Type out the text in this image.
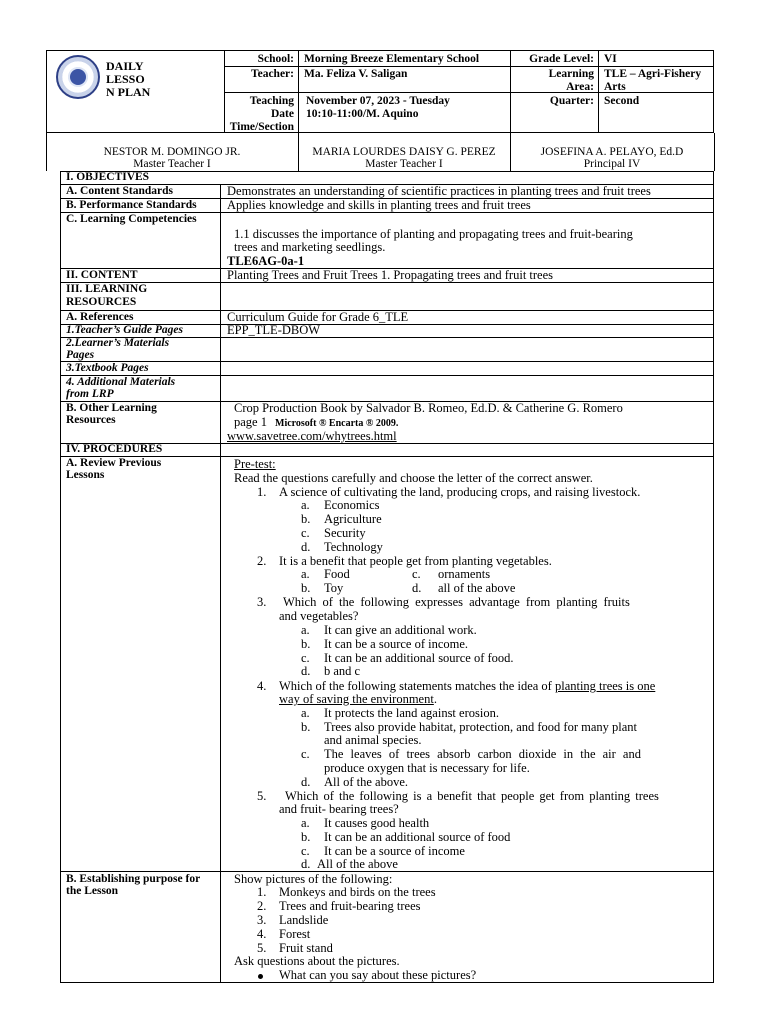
DAILY
LESSO
N PLAN
School: Morning Breeze Elementary School
Teacher: Ma. Feliza V. Saligan
Teaching
Date
Time/Section
November 07, 2023 - Tuesday
10:10-11:00/M. Aquino
Grade Level: VI
Learning
Area:
TLE – Agri-Fishery
Arts
Quarter: Second
NESTOR M. DOMINGO JR.
Master Teacher I
MARIA LOURDES DAISY G. PEREZ
Master Teacher I
JOSEFINA A. PELAYO, Ed.D
Principal IV
I. OBJECTIVES
A. Content Standards
B. Performance Standards
C. Learning Competencies
II. CONTENT
III. LEARNING
RESOURCES
A. References
1.Teacher’s Guide Pages
2.Learner’s Materials
Pages
3.Textbook Pages
4. Additional Materials
from LRP
B. Other Learning
Resources
IV. PROCEDURES
A. Review Previous
Lessons
B. Establishing purpose for
the Lesson
Demonstrates an understanding of scientific practices in planting trees and fruit trees
Applies knowledge and skills in planting trees and fruit trees
1.1 discusses the importance of planting and propagating trees and fruit-bearing
trees and marketing seedlings.
TLE6AG-0a-1
Planting Trees and Fruit Trees 1. Propagating trees and fruit trees
Curriculum Guide for Grade 6_TLE
EPP_TLE-DBOW
Crop Production Book by Salvador B. Romeo, Ed.D. & Catherine G. Romero
page 1 Microsoft ® Encarta ® 2009.
www.savetree.com/whytrees.html
Pre-test:
Read the questions carefully and choose the letter of the correct answer.
1. A science of cultivating the land, producing crops, and raising livestock.
a. Economics
b. Agriculture
c. Security
d. Technology
2. It is a benefit that people get from planting vegetables.
a. Food	c. ornaments
b. Toy	d. all of the above
3. Which of the following expresses advantage from planting fruits
and vegetables?
a. It can give an additional work.
b. It can be a source of income.
c. It can be an additional source of food.
d. b and c
4. Which of the following statements matches the idea of planting trees is one
way of saving the environment.
a. It protects the land against erosion.
b. Trees also provide habitat, protection, and food for many plant
and animal species.
c. The leaves of trees absorb carbon dioxide in the air and
produce oxygen that is necessary for life.
d. All of the above.
5. Which of the following is a benefit that people get from planting trees
and fruit- bearing trees?
a. It causes good health
b. It can be an additional source of food
c. It can be a source of income
d. All of the above
Show pictures of the following:
1. Monkeys and birds on the trees
2. Trees and fruit-bearing trees
3. Landslide
4. Forest
5. Fruit stand
Ask questions about the pictures.
What can you say about these pictures?
